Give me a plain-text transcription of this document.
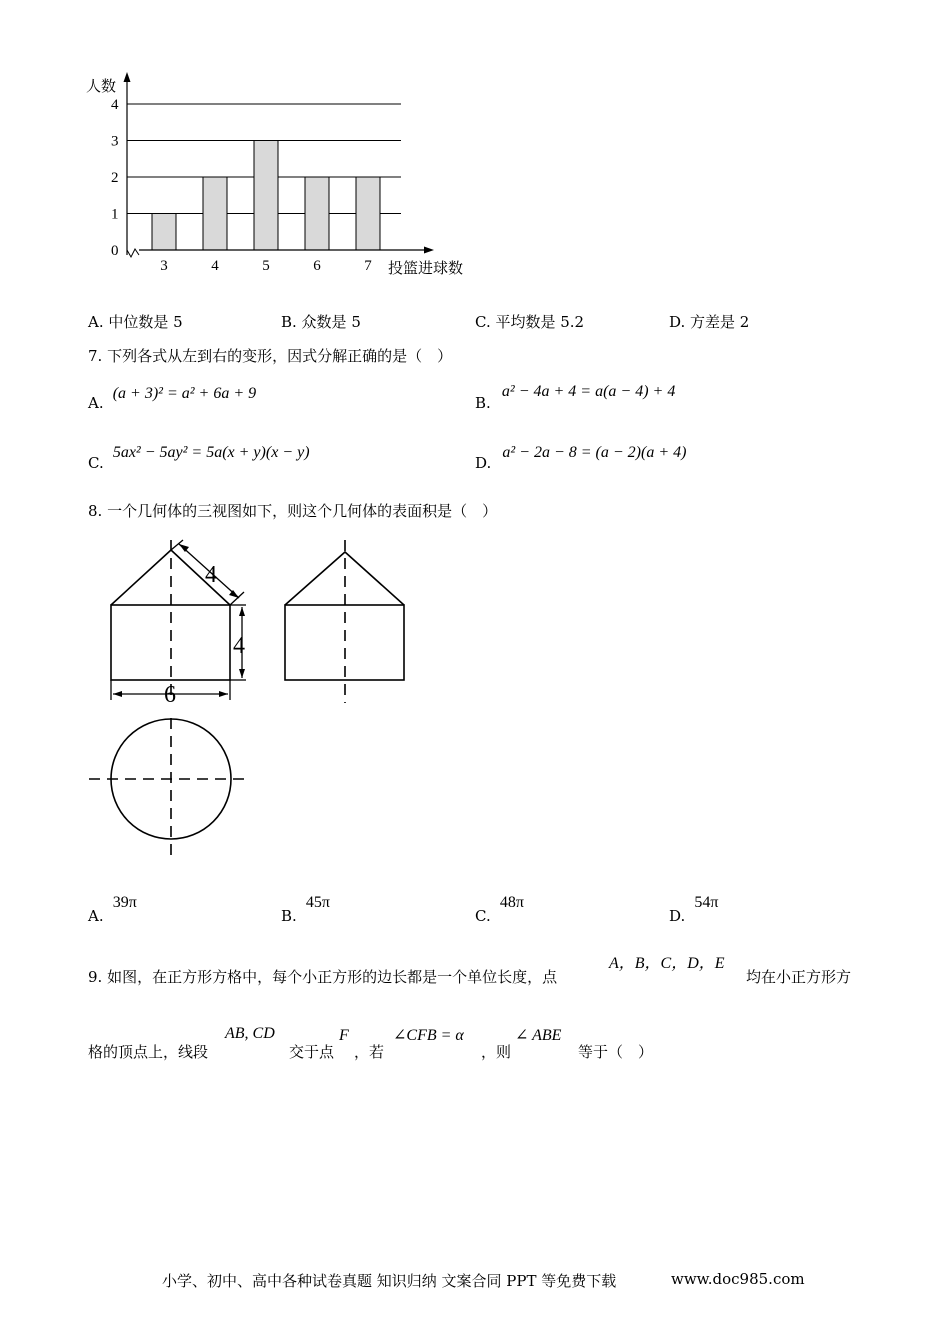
人数
投篮进球数
0
1
2
3
4
3	4	5	6	7
A. 中位数是 5	B. 众数是 5	C. 平均数是 5.2	D. 方差是 2
7. 下列各式从左到右的变形，因式分解正确的是（　）
A. (a + 3)² = a² + 6a + 9
B. a² − 4a + 4 = a(a − 4) + 4
C. 5ax² − 5ay² = 5a(x + y)(x − y)
D. a² − 2a − 8 = (a − 2)(a + 4)
8. 一个几何体的三视图如下，则这个几何体的表面积是（　）
4
4
6
A. 39π
B. 45π
C. 48π
D. 54π
9. 如图，在正方形方格中，每个小正方形的边长都是一个单位长度，点
A，B，C，D，E
均在小正方形方
格的顶点上，线段
AB, CD
交于点
F
，若
∠CFB = α
，则
∠ ABE
等于（　）
小学、初中、高中各种试卷真题 知识归纳 文案合同 PPT 等免费下载	www.doc985.com
